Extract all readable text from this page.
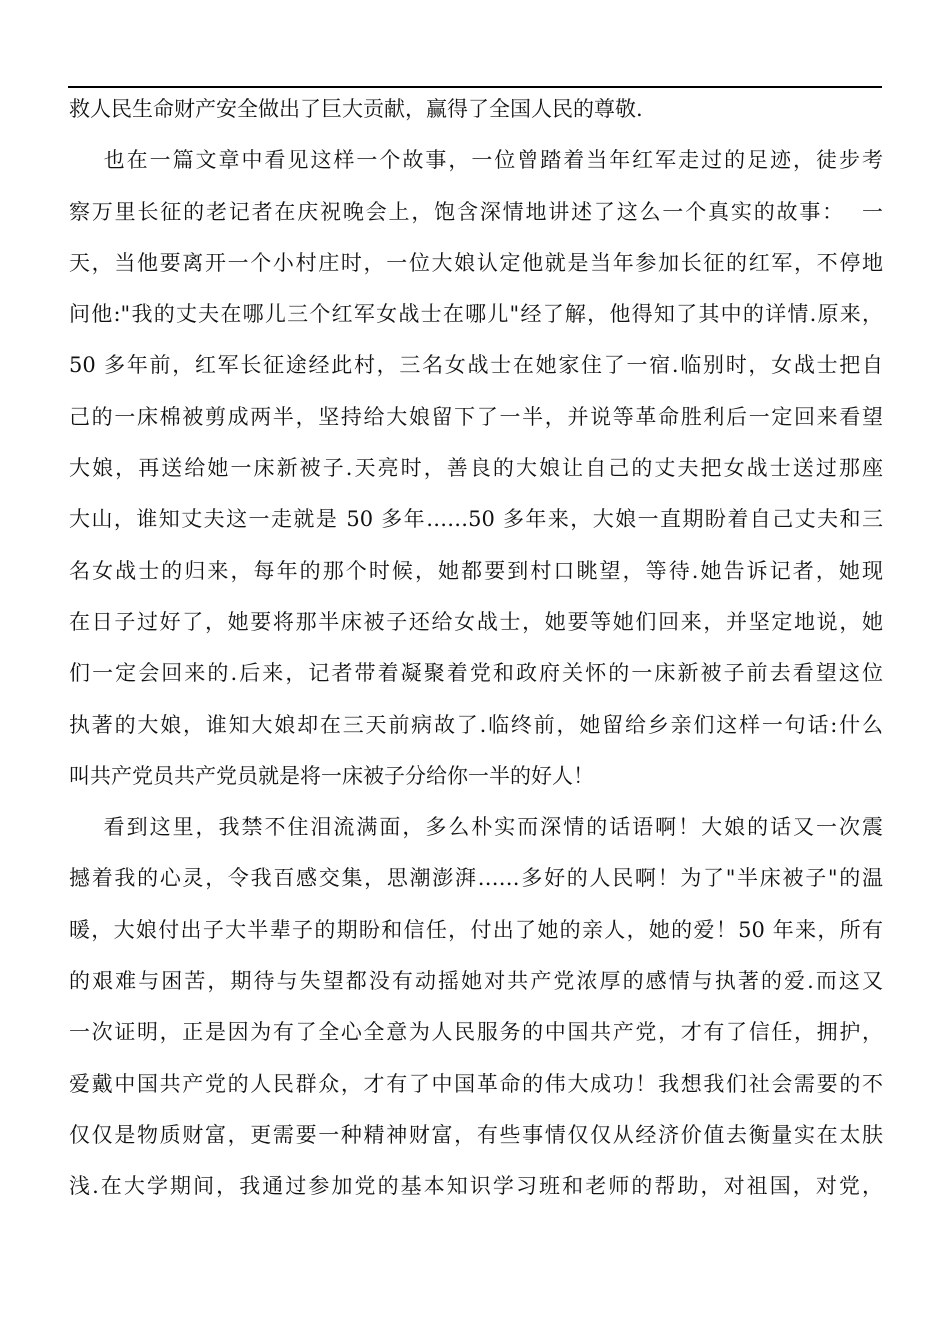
救人民生命财产安全做出了巨大贡献，赢得了全国人民的尊敬.
也在一篇文章中看见这样一个故事，一位曾踏着当年红军走过的足迹，徒步考
察万里长征的老记者在庆祝晚会上，饱含深情地讲述了这么一个真实的故事：  一
天，当他要离开一个小村庄时，一位大娘认定他就是当年参加长征的红军，不停地
问他:"我的丈夫在哪儿三个红军女战士在哪儿"经了解，他得知了其中的详情.原来，
50 多年前，红军长征途经此村，三名女战士在她家住了一宿.临别时，女战士把自
己的一床棉被剪成两半，坚持给大娘留下了一半，并说等革命胜利后一定回来看望
大娘，再送给她一床新被子.天亮时，善良的大娘让自己的丈夫把女战士送过那座
大山，谁知丈夫这一走就是 50 多年……50 多年来，大娘一直期盼着自己丈夫和三
名女战士的归来，每年的那个时候，她都要到村口眺望，等待.她告诉记者，她现
在日子过好了，她要将那半床被子还给女战士，她要等她们回来，并坚定地说，她
们一定会回来的.后来，记者带着凝聚着党和政府关怀的一床新被子前去看望这位
执著的大娘，谁知大娘却在三天前病故了.临终前，她留给乡亲们这样一句话:什么
叫共产党员共产党员就是将一床被子分给你一半的好人！
看到这里，我禁不住泪流满面，多么朴实而深情的话语啊！大娘的话又一次震
撼着我的心灵，令我百感交集，思潮澎湃……多好的人民啊！为了"半床被子"的温
暖，大娘付出子大半辈子的期盼和信任，付出了她的亲人，她的爱！50 年来，所有
的艰难与困苦，期待与失望都没有动摇她对共产党浓厚的感情与执著的爱.而这又
一次证明，正是因为有了全心全意为人民服务的中国共产党，才有了信任，拥护，
爱戴中国共产党的人民群众，才有了中国革命的伟大成功！我想我们社会需要的不
仅仅是物质财富，更需要一种精神财富，有些事情仅仅从经济价值去衡量实在太肤
浅.在大学期间，我通过参加党的基本知识学习班和老师的帮助，对祖国，对党，
